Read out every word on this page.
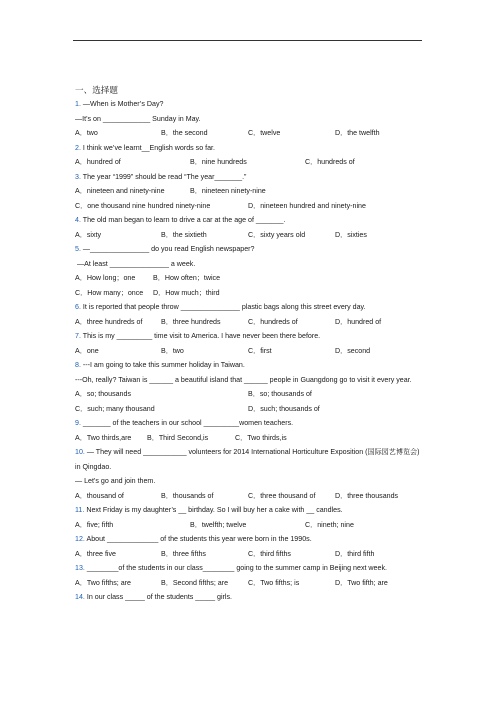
一、选择题
1. —When is Mother’s Day?
—It’s on ____________ Sunday in May.
A．two	B．the second	C．twelve	D．the twelfth
2. I think we’ve learnt__English words so far.
A．hundred of	B．nine hundreds	C．hundreds of
3. The year “1999” should be read “The year_______.”
A．nineteen and ninety-nine	B．nineteen ninety-nine
C．one thousand nine hundred ninety-nine	D．nineteen hundred and ninety-nine
4. The old man began to learn to drive a car at the age of _______.
A．sixty	B．the sixtieth	C．sixty years old	D．sixties
5. —_______________ do you read English newspaper?
—At least _______________ a week.
A．How long；one B．How often；twice
C．How many；once D．How much；third
6. It is reported that people throw _______________ plastic bags along this street every day.
A．three hundreds of	B．three hundreds	C．hundreds of	D．hundred of
7. This is my _________ time visit to America. I have never been there before.
A．one	B．two	C．first	D．second
8. ---I am going to take this summer holiday in Taiwan.
---Oh, really? Taiwan is ______ a beautiful island that ______ people in Guangdong go to visit it every year.
A．so; thousands	B．so; thousands of
C．such; many thousand	D．such; thousands of
9. _______ of the teachers in our school _________women teachers.
A．Two thirds,are B．Third Second,is	C．Two thirds,is
10. — They will need ___________ volunteers for 2014 International Horticulture Exposition (国际园艺博览会) in Qingdao.
— Let’s go and join them.
A．thousand of	B．thousands of	C．three thousand of	D．three thousands
11. Next Friday is my daughter’s __ birthday. So I will buy her a cake with __ candles.
A．five; fifth	B．twelfth; twelve	C．nineth; nine
12. About _____________ of the students this year were born in the 1990s.
A．three five	B．three fifths	C．third fifths	D．third fifth
13. ________of the students in our class________ going to the summer camp in Beijing next week.
A．Two fifths; are	B．Second fifths; are	C．Two fifths; is	D．Two fifth; are
14. In our class _____ of the students _____ girls.
